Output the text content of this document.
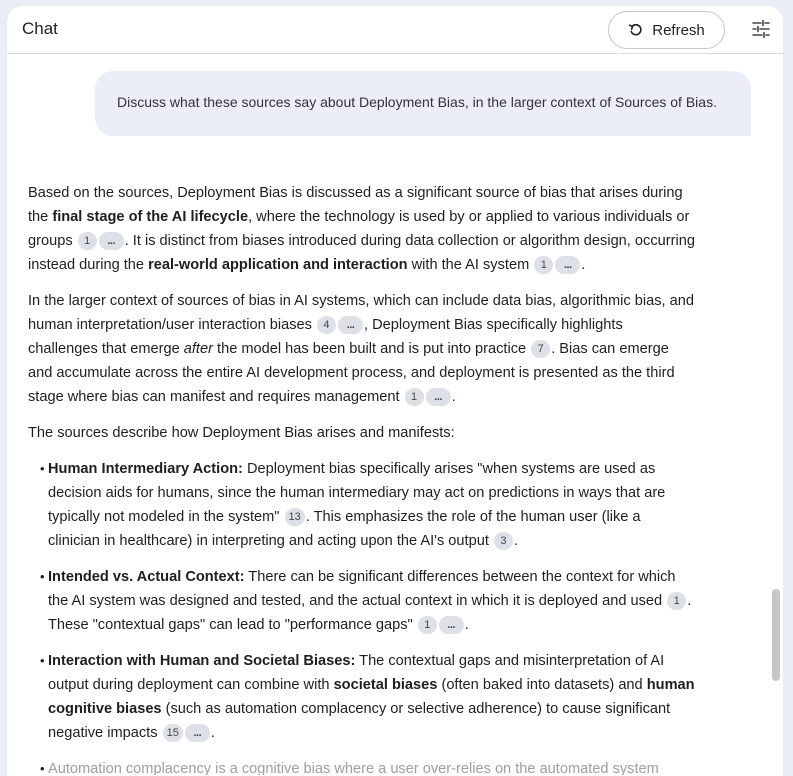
Chat	Refresh
Discuss what these sources say about Deployment Bias, in the larger context of Sources of Bias.

Based on the sources, Deployment Bias is discussed as a significant source of bias that arises during the final stage of the AI lifecycle, where the technology is used by or applied to various individuals or groups 1 ... . It is distinct from biases introduced during data collection or algorithm design, occurring instead during the real-world application and interaction with the AI system 1 ... .

In the larger context of sources of bias in AI systems, which can include data bias, algorithmic bias, and human interpretation/user interaction biases 4 ... , Deployment Bias specifically highlights challenges that emerge after the model has been built and is put into practice 7 . Bias can emerge and accumulate across the entire AI development process, and deployment is presented as the third stage where bias can manifest and requires management 1 ... .

The sources describe how Deployment Bias arises and manifests:

• Human Intermediary Action: Deployment bias specifically arises "when systems are used as decision aids for humans, since the human intermediary may act on predictions in ways that are typically not modeled in the system" 13 . This emphasizes the role of the human user (like a clinician in healthcare) in interpreting and acting upon the AI's output 3 .
• Intended vs. Actual Context: There can be significant differences between the context for which the AI system was designed and tested, and the actual context in which it is deployed and used 1 . These "contextual gaps" can lead to "performance gaps" 1 ... .
• Interaction with Human and Societal Biases: The contextual gaps and misinterpretation of AI output during deployment can combine with societal biases (often baked into datasets) and human cognitive biases (such as automation complacency or selective adherence) to cause significant negative impacts 15 ... .
• Automation complacency is a cognitive bias where a user over-relies on the automated system
